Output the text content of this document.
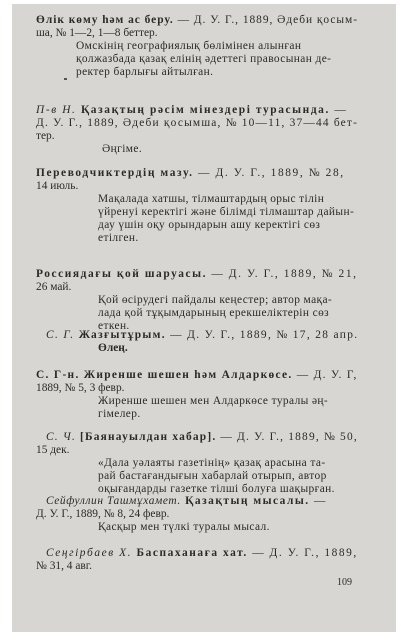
Өлік көму һәм ас беру. — Д. У. Г., 1889, Әдеби қосым-
ша, № 1—2, 1—8 беттер.
Омскінің географиялық бөлімінен алынған
қолжазбада қазақ елінің әдеттегі правосынан де-
ректер барлығы айтылған.
П-в Н. Қазақтың рәсім мінездері турасында. —
Д. У. Г., 1889, Әдеби қосымша, № 10—11, 37—44 бет-
тер.
Әңгіме.
Переводчиктердің мазу. — Д. У. Г., 1889, № 28,
14 июль.
Мақалада хатшы, тілмаштардың орыс тілін
үйренуі керектігі және білімді тілмаштар дайын-
дау үшін оқу орындарын ашу керектігі сөз
етілген.
Россиядағы қой шаруасы. — Д. У. Г., 1889, № 21,
26 май.
Қой өсірудегі пайдалы кеңестер; автор мақа-
лада қой тұқымдарының ерекшеліктерін сөз
еткен.
С. Г. Жазғытұрым. — Д. У. Г., 1889, № 17, 28 апр.
Өлең.
С. Г-н. Жиренше шешен һәм Алдаркөсе. — Д. У. Г,
1889, № 5, 3 февр.
Жиренше шешен мен Алдаркөсе туралы әң-
гімелер.
С. Ч. [Баянауылдан хабар]. — Д. У. Г., 1889, № 50,
15 дек.
«Дала уәлаяты газетінің» қазақ арасына та-
рай бастағандығын хабарлай отырып, автор
оқығандарды газетке тілші болуға шақырған.
Сейфуллин Ташмұхамет. Қазақтың мысалы. —
Д. У. Г., 1889, № 8, 24 февр.
Қасқыр мен түлкі туралы мысал.
Сеңгірбаев Х. Баспаханаға хат. — Д. У. Г., 1889,
№ 31, 4 авг.
109
